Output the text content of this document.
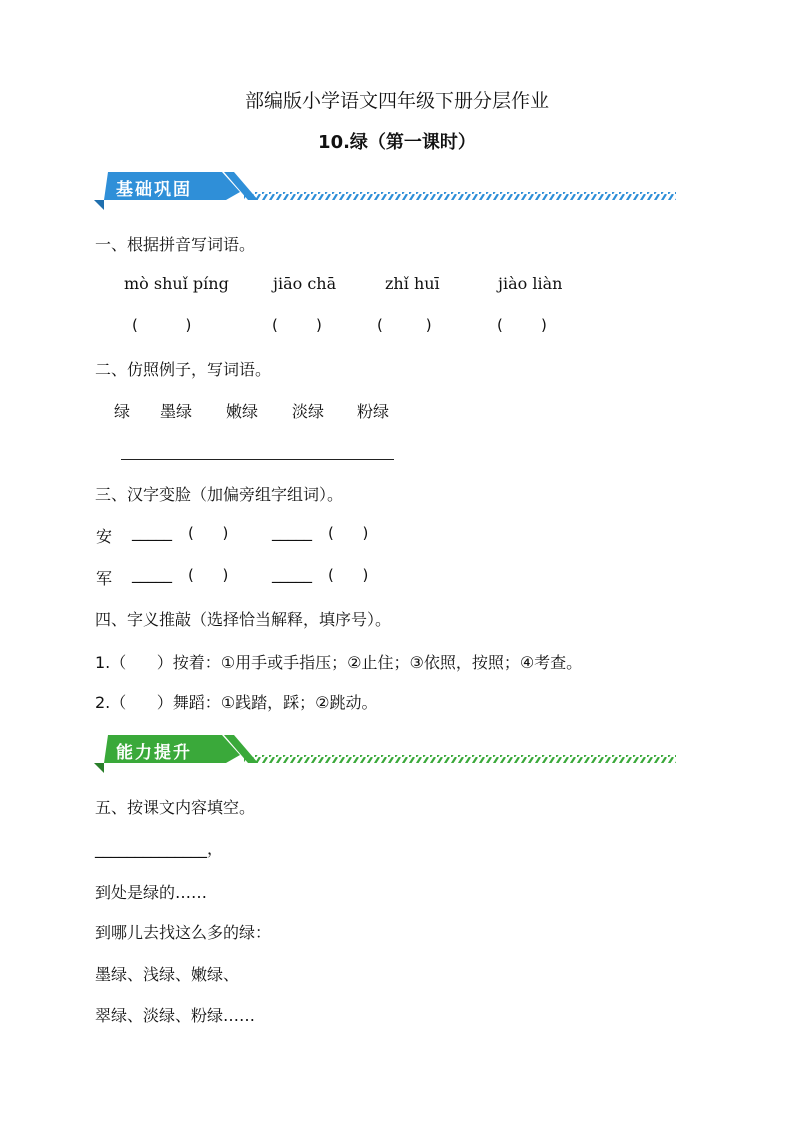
部编版小学语文四年级下册分层作业
10.绿（第一课时）
基础巩固
一、根据拼音写词语。
mò shuǐ píng	jiāo chā	zhǐ huī	jiào liàn
(          )	(        )	(         )	(        )
二、仿照例子，写词语。
绿 墨绿 嫩绿 淡绿 粉绿
三、汉字变脸（加偏旁组字组词）。
安 _____ (      )	_____ (      )
军 _____ (      )	_____ (      )
四、字义推敲（选择恰当解释，填序号）。
1.（      ）按着：①用手或手指压；②止住；③依照，按照；④考查。
2.（      ）舞蹈：①践踏，踩；②跳动。
能力提升
五、按课文内容填空。
______________，
到处是绿的……
到哪儿去找这么多的绿：
墨绿、浅绿、嫩绿、
翠绿、淡绿、粉绿……
